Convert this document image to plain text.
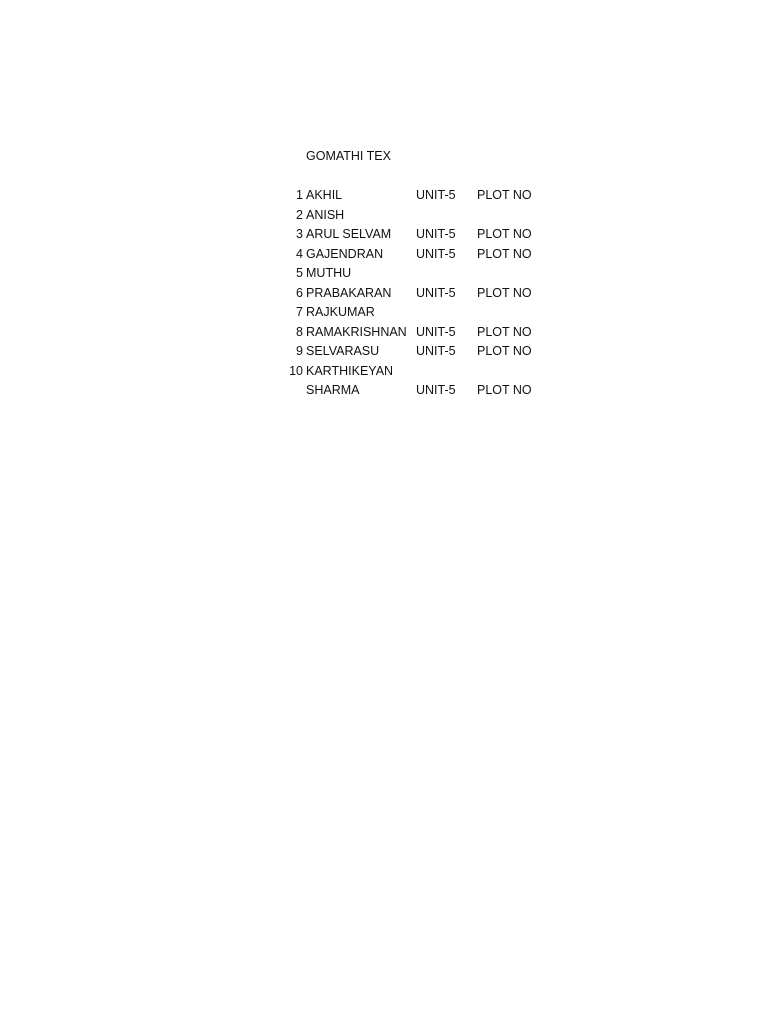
GOMATHI TEX
1 AKHIL	UNIT-5 PLOT NO
2 ANISH
3 ARUL SELVAM UNIT-5 PLOT NO
4 GAJENDRAN	UNIT-5 PLOT NO
5 MUTHU
6 PRABAKARAN UNIT-5 PLOT NO
7 RAJKUMAR
8 RAMAKRISHNAN UNIT-5 PLOT NO
9 SELVARASU	UNIT-5 PLOT NO
10 KARTHIKEYAN
SHARMA	UNIT-5 PLOT NO
